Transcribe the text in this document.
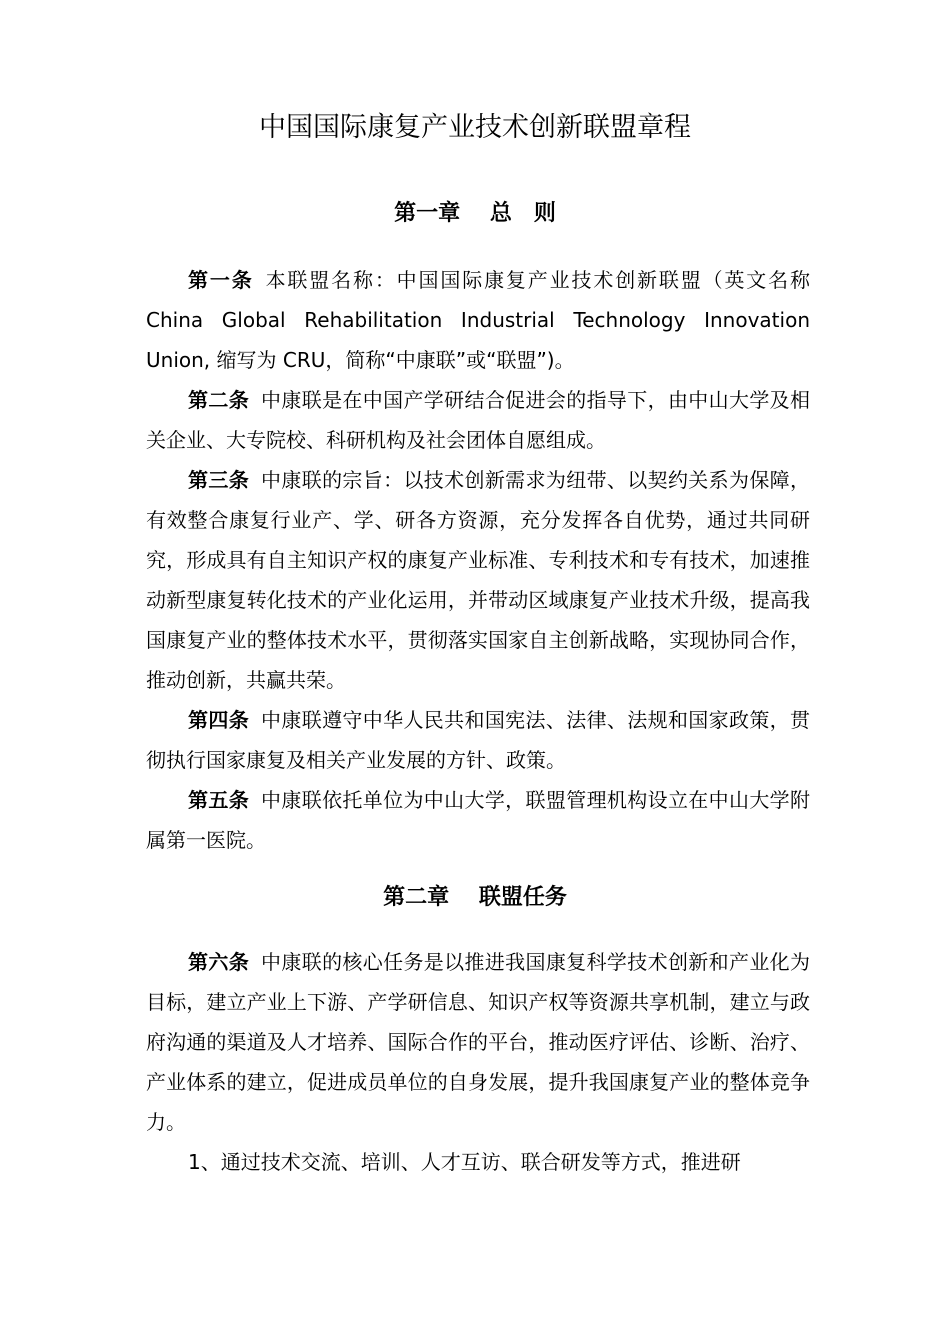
中国国际康复产业技术创新联盟章程
第一章　 总　则

第一条 本联盟名称：中国国际康复产业技术创新联盟（英文名称 China Global Rehabilitation Industrial Technology Innovation Union, 缩写为 CRU，简称“中康联”或“联盟”)。

第二条 中康联是在中国产学研结合促进会的指导下，由中山大学及相关企业、大专院校、科研机构及社会团体自愿组成。

第三条 中康联的宗旨：以技术创新需求为纽带、以契约关系为保障，有效整合康复行业产、学、研各方资源，充分发挥各自优势，通过共同研究，形成具有自主知识产权的康复产业标准、专利技术和专有技术，加速推动新型康复转化技术的产业化运用，并带动区域康复产业技术升级，提高我国康复产业的整体技术水平，贯彻落实国家自主创新战略，实现协同合作，推动创新，共赢共荣。

第四条 中康联遵守中华人民共和国宪法、法律、法规和国家政策，贯彻执行国家康复及相关产业发展的方针、政策。

第五条 中康联依托单位为中山大学，联盟管理机构设立在中山大学附属第一医院。

第二章　 联盟任务

第六条 中康联的核心任务是以推进我国康复科学技术创新和产业化为目标，建立产业上下游、产学研信息、知识产权等资源共享机制，建立与政府沟通的渠道及人才培养、国际合作的平台，推动医疗评估、诊断、治疗、产业体系的建立，促进成员单位的自身发展，提升我国康复产业的整体竞争力。

1、通过技术交流、培训、人才互访、联合研发等方式，推进研
